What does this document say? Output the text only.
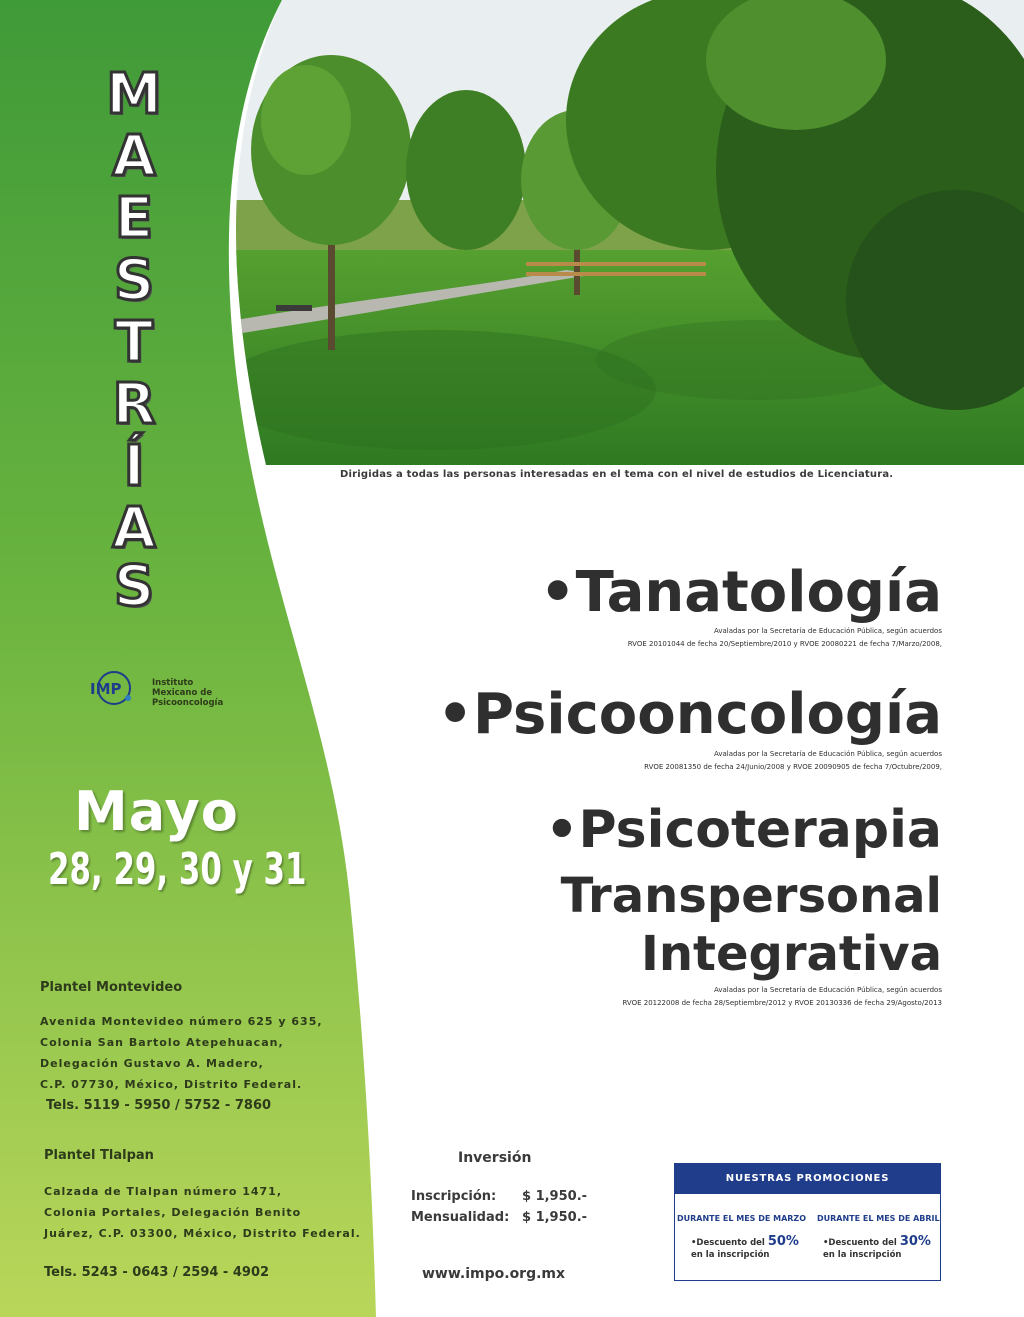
M
A
E
S
T
R
Í
A
S
Dirigidas a todas las personas interesadas en el tema con el nivel de estudios de Licenciatura.
IMP	Instituto
Mexicano de
Psicooncología
Mayo
28, 29, 30 y 31
•Tanatología
Avaladas por la Secretaría de Educación Pública, según acuerdos
RVOE 20101044 de fecha 20/Septiembre/2010 y RVOE 20080221 de fecha 7/Marzo/2008,
•Psicooncología
Avaladas por la Secretaría de Educación Pública, según acuerdos
RVOE 20081350 de fecha 24/Junio/2008 y RVOE 20090905 de fecha 7/Octubre/2009,
•Psicoterapia
Transpersonal
Integrativa
Avaladas por la Secretaría de Educación Pública, según acuerdos
RVOE 20122008 de fecha 28/Septiembre/2012 y RVOE 20130336 de fecha 29/Agosto/2013
Plantel Montevideo
Avenida Montevideo número 625 y 635,
Colonia San Bartolo Atepehuacan,
Delegación Gustavo A. Madero,
C.P. 07730, México, Distrito Federal.
Tels. 5119 - 5950 / 5752 - 7860
Plantel Tlalpan
Calzada de Tlalpan número 1471,
Colonia Portales, Delegación Benito
Juárez, C.P. 03300, México, Distrito Federal.
Tels. 5243 - 0643 / 2594 - 4902
Inversión
Inscripción: $ 1,950.-
Mensualidad: $ 1,950.-
www.impo.org.mx
NUESTRAS PROMOCIONES
DURANTE EL MES DE MARZO DURANTE EL MES DE ABRIL
•Descuento del 50%
en la inscripción
•Descuento del 30%
en la inscripción
